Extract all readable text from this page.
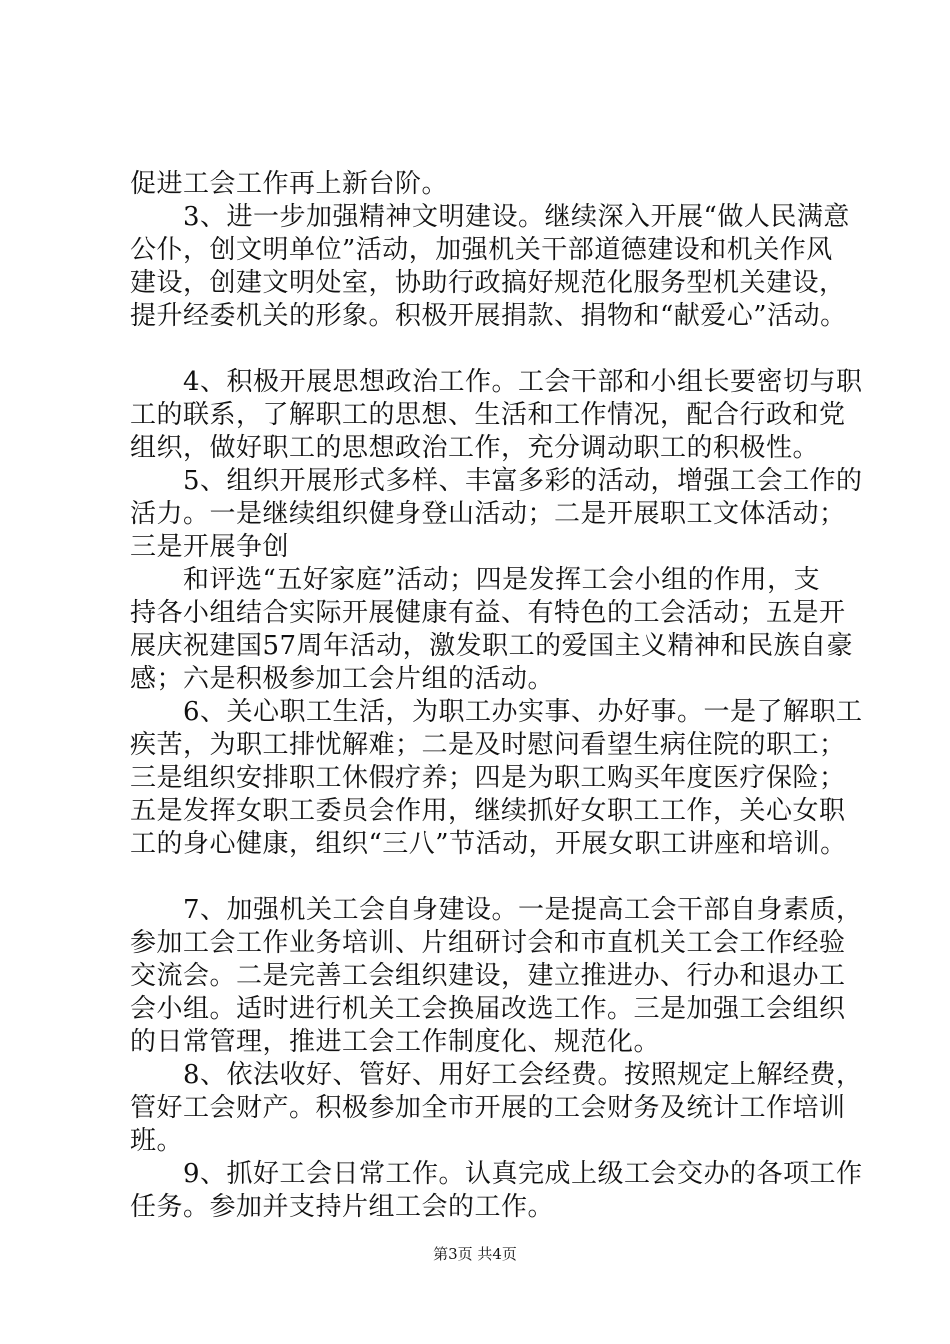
促进工会工作再上新台阶。
　　3、进一步加强精神文明建设。继续深入开展“做人民满意
公仆，创文明单位”活动，加强机关干部道德建设和机关作风
建设，创建文明处室，协助行政搞好规范化服务型机关建设，
提升经委机关的形象。积极开展捐款、捐物和“献爱心”活动。
　　4、积极开展思想政治工作。工会干部和小组长要密切与职
工的联系，了解职工的思想、生活和工作情况，配合行政和党
组织，做好职工的思想政治工作，充分调动职工的积极性。
　　5、组织开展形式多样、丰富多彩的活动，增强工会工作的
活力。一是继续组织健身登山活动；二是开展职工文体活动；
三是开展争创
　　和评选“五好家庭”活动；四是发挥工会小组的作用，支
持各小组结合实际开展健康有益、有特色的工会活动；五是开
展庆祝建国57周年活动，激发职工的爱国主义精神和民族自豪
感；六是积极参加工会片组的活动。
　　6、关心职工生活，为职工办实事、办好事。一是了解职工
疾苦，为职工排忧解难；二是及时慰问看望生病住院的职工；
三是组织安排职工休假疗养；四是为职工购买年度医疗保险；
五是发挥女职工委员会作用，继续抓好女职工工作，关心女职
工的身心健康，组织“三八”节活动，开展女职工讲座和培训。
　　7、加强机关工会自身建设。一是提高工会干部自身素质，
参加工会工作业务培训、片组研讨会和市直机关工会工作经验
交流会。二是完善工会组织建设，建立推进办、行办和退办工
会小组。适时进行机关工会换届改选工作。三是加强工会组织
的日常管理，推进工会工作制度化、规范化。
　　8、依法收好、管好、用好工会经费。按照规定上解经费，
管好工会财产。积极参加全市开展的工会财务及统计工作培训
班。
　　9、抓好工会日常工作。认真完成上级工会交办的各项工作
任务。参加并支持片组工会的工作。
第3页 共4页
